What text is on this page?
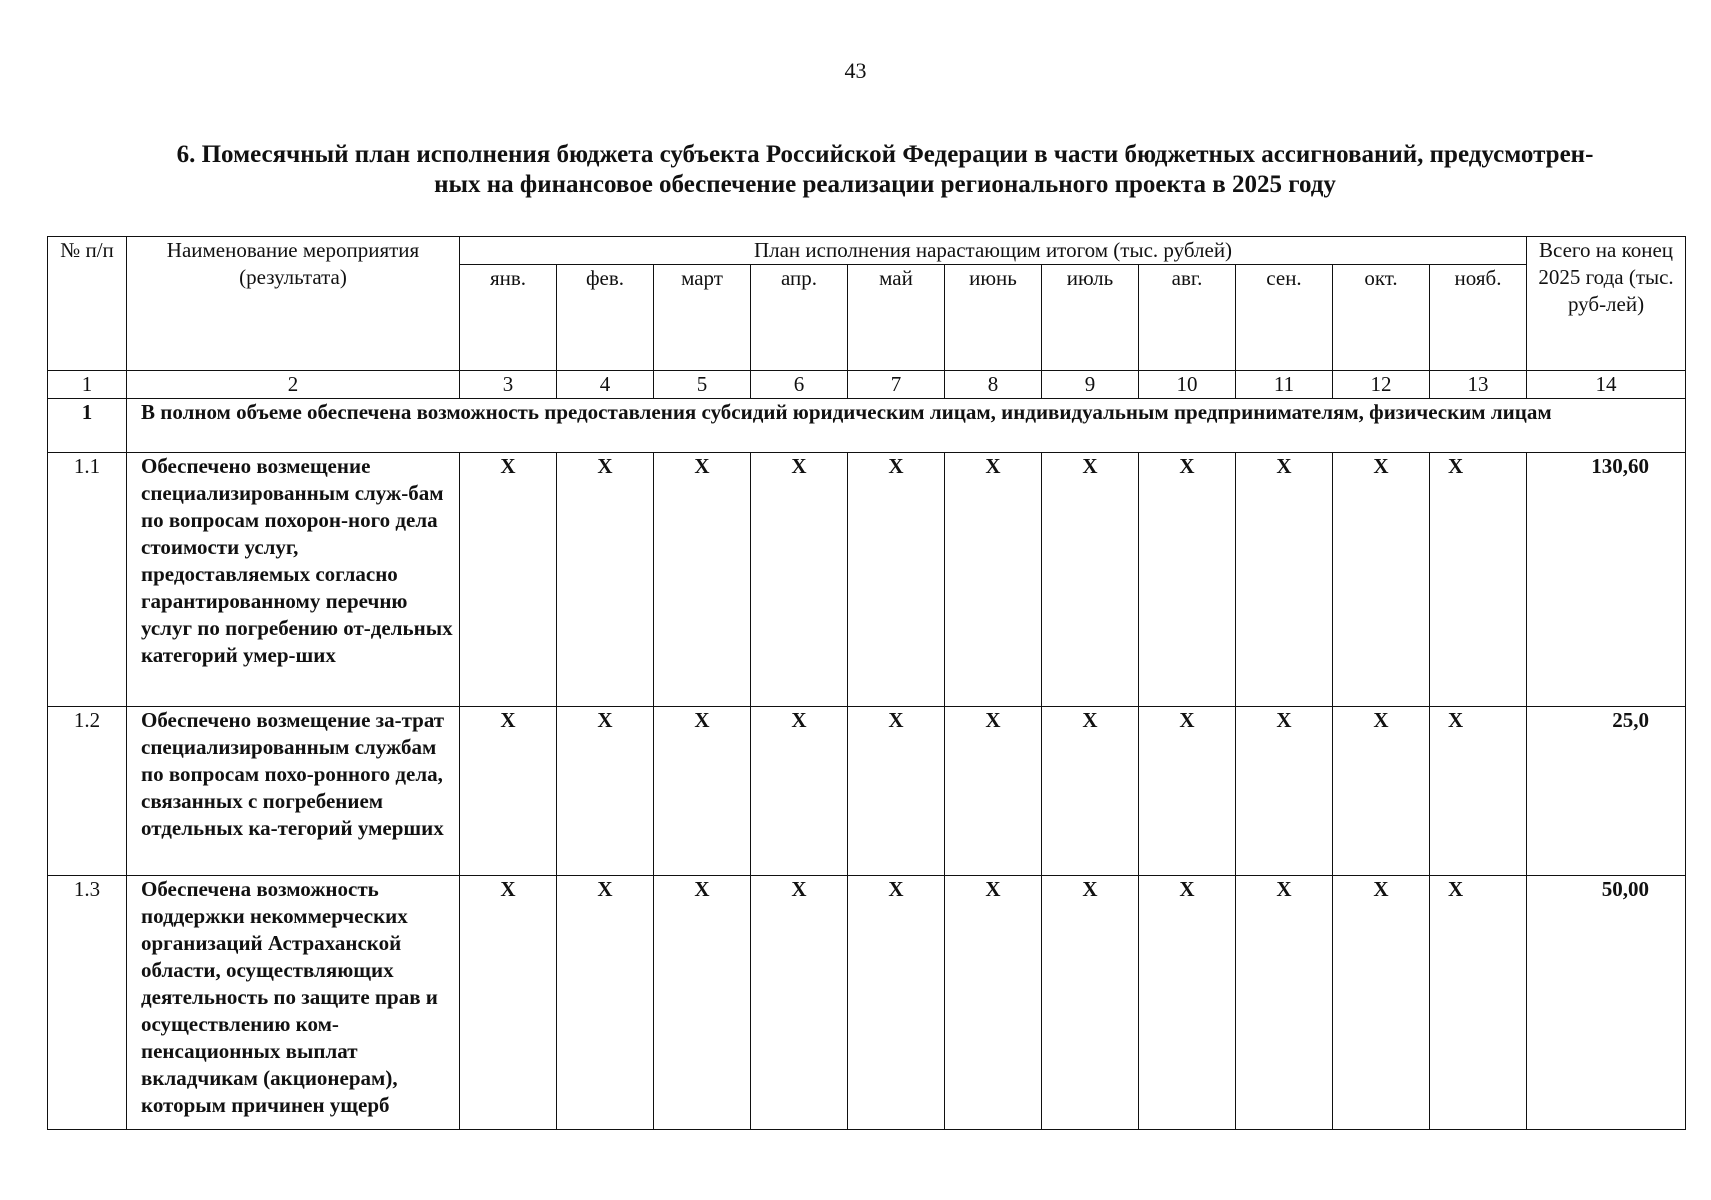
43
6. Помесячный план исполнения бюджета субъекта Российской Федерации в части бюджетных ассигнований, предусмотрен-
ных на финансовое обеспечение реализации регионального проекта в 2025 году
№ п/п	Наименование мероприятия (результата)	План исполнения нарастающим итогом (тыс. рублей)											Всего на конец 2025 года (тыс. руб-лей)
		янв.	фев.	март	апр.	май	июнь	июль	авг.	сен.	окт.	нояб.	
1	2	3	4	5	6	7	8	9	10	11	12	13	14
1	В полном объеме обеспечена возможность предоставления субсидий юридическим лицам, индивидуальным предпринимателям, физическим лицам												
1.1	Обеспечено возмещение специализированным служ-бам по вопросам похорон-ного дела стоимости услуг, предоставляемых согласно гарантированному перечню услуг по погребению от-дельных категорий умер-ших	X	X	X	X	X	X	X	X	X	X	X	130,60
1.2	Обеспечено возмещение за-трат специализированным службам по вопросам похо-ронного дела, связанных с погребением отдельных ка-тегорий умерших	X	X	X	X	X	X	X	X	X	X	X	25,0
1.3	Обеспечена возможность поддержки некоммерческих организаций Астраханской области, осуществляющих деятельность по защите прав и осуществлению ком-пенсационных выплат вкладчикам (акционерам), которым причинен ущерб	X	X	X	X	X	X	X	X	X	X	X	50,00
